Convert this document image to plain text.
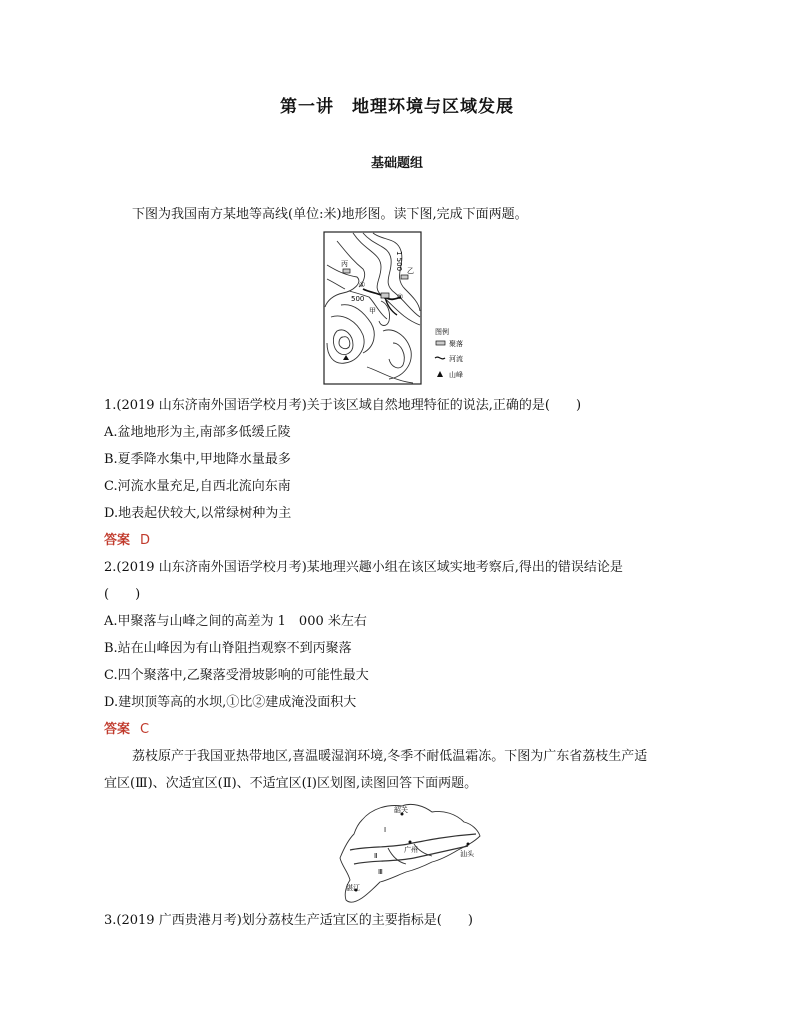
第一讲 地理环境与区域发展
基础题组
下图为我国南方某地等高线(单位:米)地形图。读下图,完成下面两题。
丙
乙
甲
500
1 500
①
②
图例
聚落
河流
山峰
1.(2019 山东济南外国语学校月考)关于该区域自然地理特征的说法,正确的是(　　)
A.盆地地形为主,南部多低缓丘陵
B.夏季降水集中,甲地降水量最多
C.河流水量充足,自西北流向东南
D.地表起伏较大,以常绿树种为主
答案 D
2.(2019 山东济南外国语学校月考)某地理兴趣小组在该区域实地考察后,得出的错误结论是
(　　)
A.甲聚落与山峰之间的高差为 1　000 米左右
B.站在山峰因为有山脊阻挡观察不到丙聚落
C.四个聚落中,乙聚落受滑坡影响的可能性最大
D.建坝顶等高的水坝,①比②建成淹没面积大
答案 C
荔枝原产于我国亚热带地区,喜温暖湿润环境,冬季不耐低温霜冻。下图为广东省荔枝生产适
宜区(Ⅲ)、次适宜区(Ⅱ)、不适宜区(Ⅰ)区划图,读图回答下面两题。
韶关
广州	汕头
湛江
Ⅰ
Ⅱ
Ⅲ
3.(2019 广西贵港月考)划分荔枝生产适宜区的主要指标是(　　)
